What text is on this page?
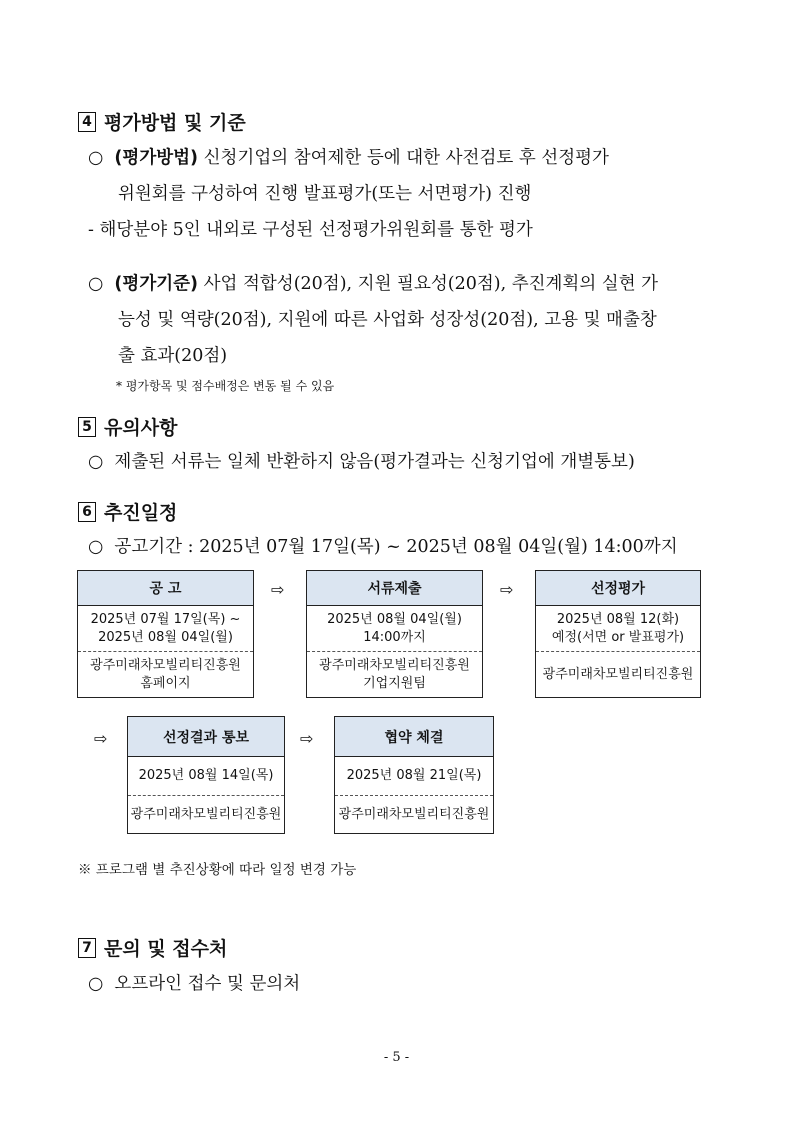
4 평가방법 및 기준
○ (평가방법) 신청기업의 참여제한 등에 대한 사전검토 후 선정평가
위원회를 구성하여 진행 발표평가(또는 서면평가) 진행
- 해당분야 5인 내외로 구성된 선정평가위원회를 통한 평가
○ (평가기준) 사업 적합성(20점), 지원 필요성(20점), 추진계획의 실현 가
능성 및 역량(20점), 지원에 따른 사업화 성장성(20점), 고용 및 매출창
출 효과(20점)
* 평가항목 및 점수배정은 변동 될 수 있음
5 유의사항
○ 제출된 서류는 일체 반환하지 않음(평가결과는 신청기업에 개별통보)
6 추진일정
○ 공고기간 : 2025년 07월 17일(목) ~ 2025년 08월 04일(월) 14:00까지
공 고
2025년 07월 17일(목) ~
2025년 08월 04일(월)
광주미래차모빌리티진흥원
홈페이지
⇨	서류제출
2025년 08월 04일(월)
14:00까지
광주미래차모빌리티진흥원
기업지원팀
⇨	선정평가
2025년 08월 12(화)
예정(서면 or 발표평가)
광주미래차모빌리티진흥원
⇨	선정결과 통보
2025년 08월 14일(목)
광주미래차모빌리티진흥원
⇨	협약 체결
2025년 08월 21일(목)
광주미래차모빌리티진흥원
※ 프로그램 별 추진상황에 따라 일정 변경 가능
7 문의 및 접수처
○ 오프라인 접수 및 문의처
- 5 -
